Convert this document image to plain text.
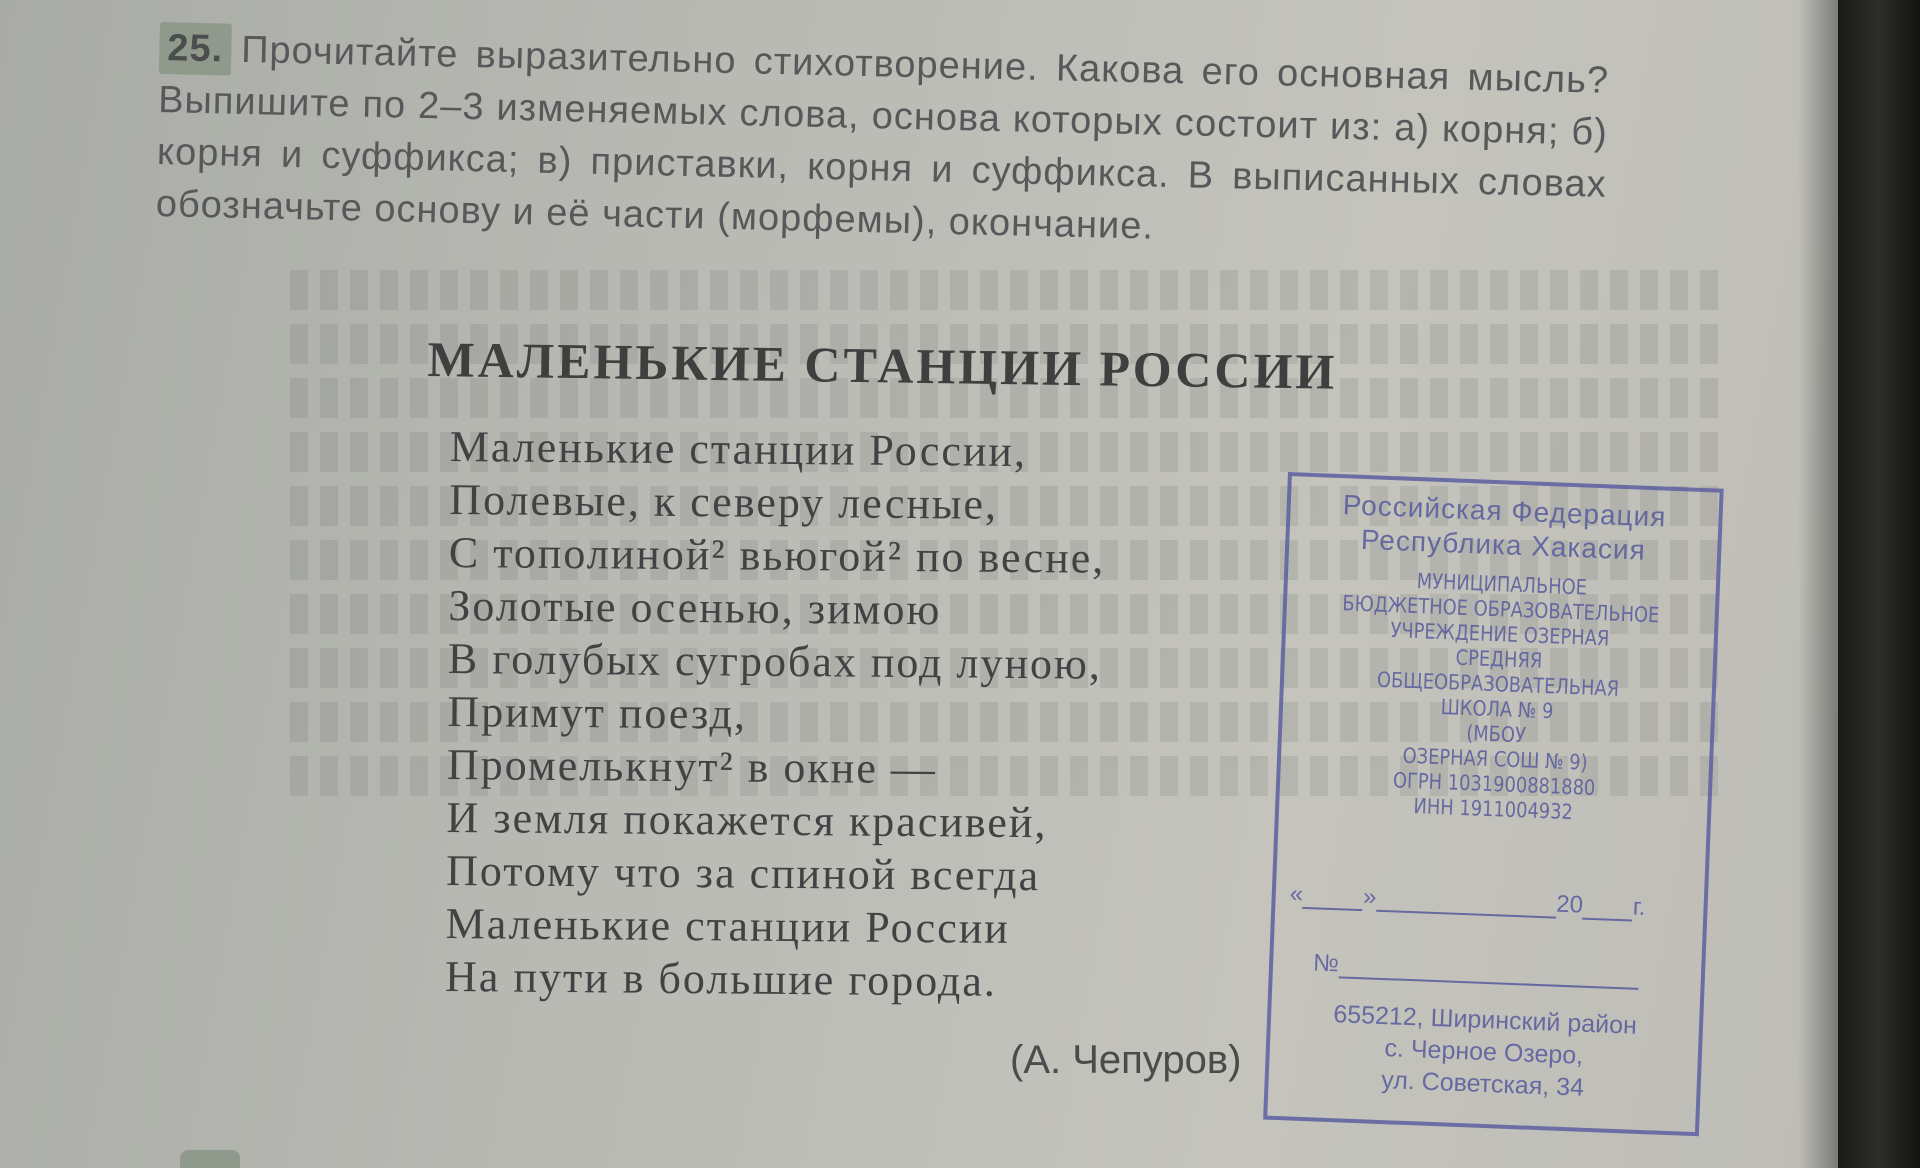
25. Прочитайте выразительно стихотворение. Какова его основная мысль? Выпишите по 2–3 изменяемых слова, основа которых состоит из: а) корня; б) корня и суффикса; в) приставки, корня и суффикса. В выписанных словах обозначьте основу и её части (морфемы), окончание.
МАЛЕНЬКИЕ СТАНЦИИ РОССИИ
Маленькие станции России,
Полевые, к северу лесные,
С тополиной² вьюгой² по весне,
Золотые осенью, зимою
В голубых сугробах под луною,
Примут поезд,
Промелькнут² в окне —
И земля покажется красивей,
Потому что за спиной всегда
Маленькие станции России
На пути в большие города.
(А. Чепуров)
Российская Федерация
Республика Хакасия
МУНИЦИПАЛЬНОЕ
БЮДЖЕТНОЕ ОБРАЗОВАТЕЛЬНОЕ
УЧРЕЖДЕНИЕ ОЗЕРНАЯ
СРЕДНЯЯ
ОБЩЕОБРАЗОВАТЕЛЬНАЯ
ШКОЛА № 9
(МБОУ
ОЗЕРНАЯ СОШ № 9)
ОГРН 1031900881880
ИНН 1911004932
« »	20 г.
№
655212, Ширинский район
с. Черное Озеро,
ул. Советская, 34
